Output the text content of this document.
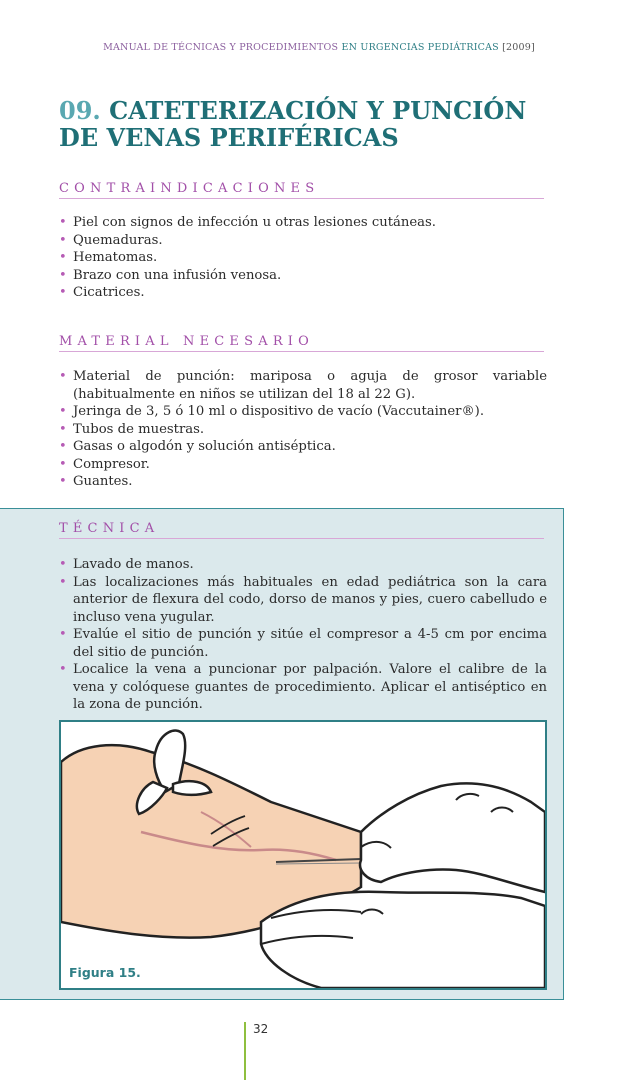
MANUAL DE TÉCNICAS Y PROCEDIMIENTOS EN URGENCIAS PEDIÁTRICAS [2009]
09. CATETERIZACIÓN Y PUNCIÓN
DE VENAS PERIFÉRICAS
CONTRAINDICACIONES
• Piel con signos de infección u otras lesiones cutáneas.
• Quemaduras.
• Hematomas.
• Brazo con una infusión venosa.
• Cicatrices.
MATERIAL NECESARIO
• Material de punción: mariposa o aguja de grosor variable (habitualmente en niños se utilizan del 18 al 22 G).
• Jeringa de 3, 5 ó 10 ml o dispositivo de vacío (Vaccutainer®).
• Tubos de muestras.
• Gasas o algodón y solución antiséptica.
• Compresor.
• Guantes.
TÉCNICA
• Lavado de manos.
• Las localizaciones más habituales en edad pediátrica son la cara anterior de flexura del codo, dorso de manos y pies, cuero cabelludo e incluso vena yugular.
• Evalúe el sitio de punción y sitúe el compresor a 4-5 cm por encima del sitio de punción.
• Localice la vena a puncionar por palpación. Valore el calibre de la vena y colóquese guantes de procedimiento. Aplicar el antiséptico en la zona de punción.
Figura 15.
32
